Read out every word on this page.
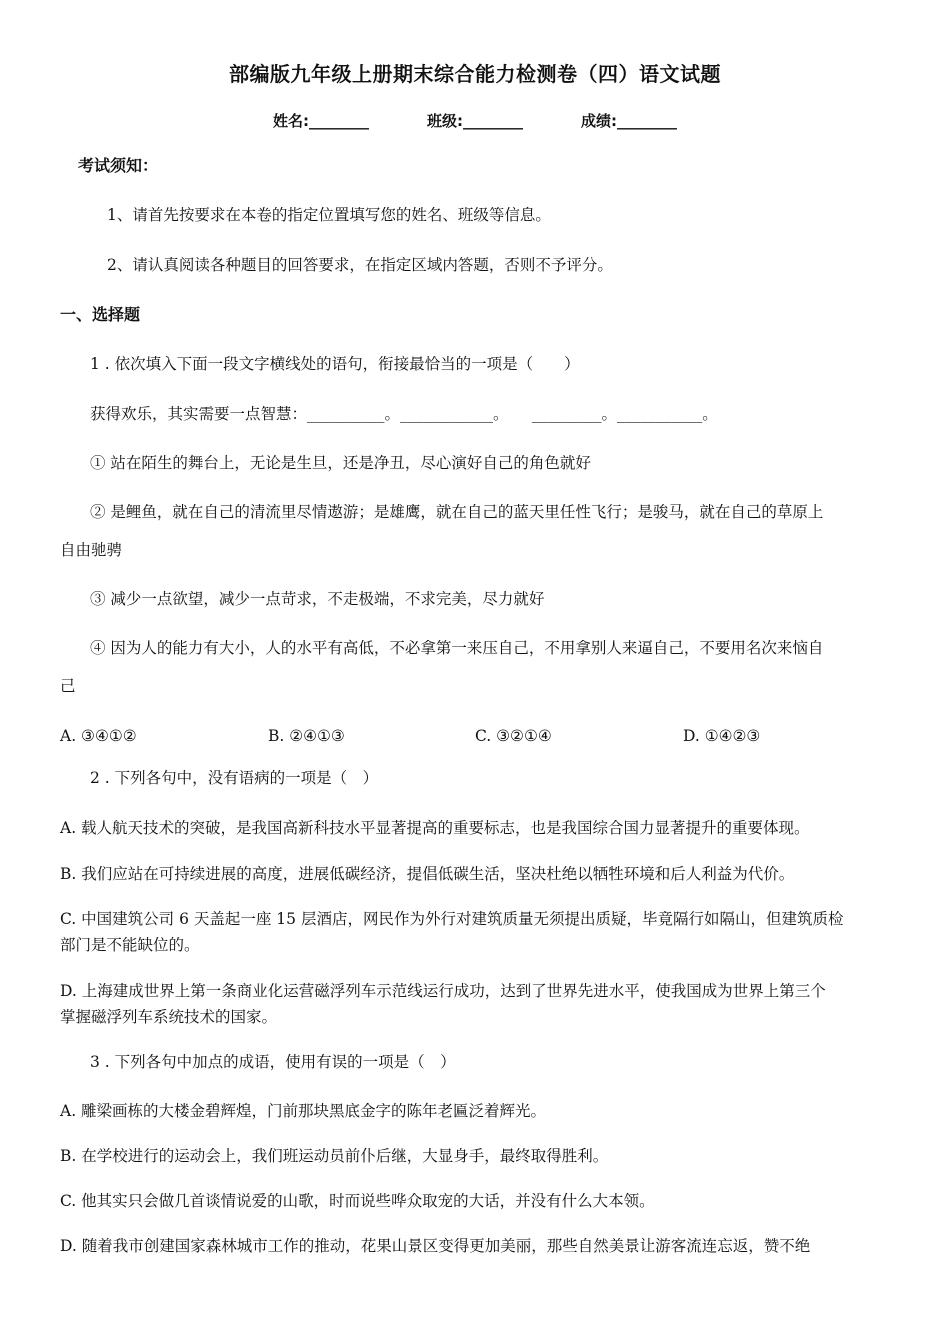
部编版九年级上册期末综合能力检测卷（四）语文试题
姓名:________	班级:________	成绩:________
考试须知：
1、请首先按要求在本卷的指定位置填写您的姓名、班级等信息。
2、请认真阅读各种题目的回答要求，在指定区域内答题，否则不予评分。
一、选择题
1 . 依次填入下面一段文字横线处的语句，衔接最恰当的一项是（　　）
获得欢乐，其实需要一点智慧：__________。____________。　　_________。___________。
① 站在陌生的舞台上，无论是生旦，还是净丑，尽心演好自己的角色就好
② 是鲤鱼，就在自己的清流里尽情遨游；是雄鹰，就在自己的蓝天里任性飞行；是骏马，就在自己的草原上
自由驰骋
③ 减少一点欲望，减少一点苛求，不走极端，不求完美，尽力就好
④ 因为人的能力有大小，人的水平有高低，不必拿第一来压自己，不用拿别人来逼自己，不要用名次来恼自
己
A. ③④①②	B. ②④①③	C. ③②①④	D. ①④②③
2 . 下列各句中，没有语病的一项是（　）
A. 载人航天技术的突破，是我国高新科技水平显著提高的重要标志，也是我国综合国力显著提升的重要体现。
B. 我们应站在可持续进展的高度，进展低碳经济，提倡低碳生活，坚决杜绝以牺牲环境和后人利益为代价。
C. 中国建筑公司 6 天盖起一座 15 层酒店，网民作为外行对建筑质量无须提出质疑，毕竟隔行如隔山，但建筑质检
部门是不能缺位的。
D. 上海建成世界上第一条商业化运营磁浮列车示范线运行成功，达到了世界先进水平，使我国成为世界上第三个
掌握磁浮列车系统技术的国家。
3 . 下列各句中加点的成语，使用有误的一项是（　）
A. 雕梁画栋的大楼金碧辉煌，门前那块黑底金字的陈年老匾泛着辉光。
B. 在学校进行的运动会上，我们班运动员前仆后继，大显身手，最终取得胜利。
C. 他其实只会做几首谈情说爱的山歌，时而说些哗众取宠的大话，并没有什么大本领。
D. 随着我市创建国家森林城市工作的推动，花果山景区变得更加美丽，那些自然美景让游客流连忘返，赞不绝
